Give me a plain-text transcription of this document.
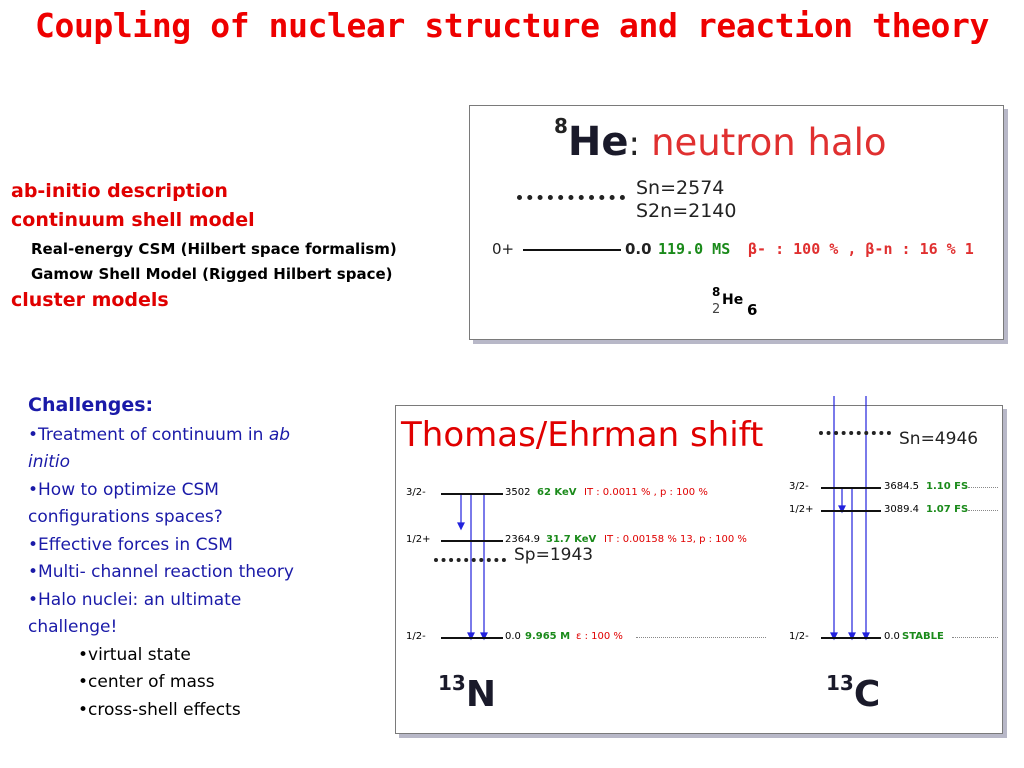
Coupling of nuclear structure and reaction theory
ab-initio description
continuum shell model
Real-energy CSM (Hilbert space formalism)
Gamow Shell Model (Rigged Hilbert space)
cluster models
8He: neutron halo
Sn=2574
S2n=2140
0+	0.0 119.0 MS β- : 100 % , β-n : 16 % 1
8
2
He
6
Challenges:
•Treatment of continuum in ab
initio
•How to optimize CSM
configurations spaces?
•Effective forces in CSM
•Multi- channel reaction theory
•Halo nuclei: an ultimate
challenge!
•virtual state
•center of mass
•cross-shell effects
Thomas/Ehrman shift
3/2-	3502 62 KeV IT : 0.0011 % , p : 100 %
1/2+	2364.9 31.7 KeV IT : 0.00158 % 13, p : 100 %
Sp=1943
1/2-	0.0 9.965 M ε : 100 %
13N
Sn=4946
3/2-	3684.5 1.10 FS
1/2+	3089.4 1.07 FS
1/2-	0.0 STABLE
13C
